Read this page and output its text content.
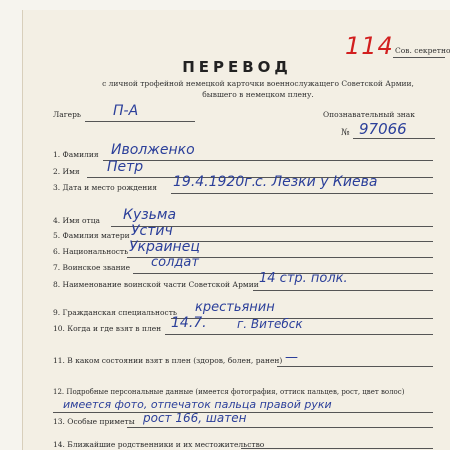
114 Сов. секретно
ПЕРЕВОД
с личной трофейной немецкой карточки военнослужащего Советской Армии, бывшего в немецком плену.
Лагерь П-А	Опознавательный знак
№ 97066
1. Фамилия Иволженко
2. Имя Петр
3. Дата и место рождения 19.4.1920г.
с. Лезки у Киева
4. Имя отца Кузьма
5. Фамилия матери Устич
6. Национальность Украинец
7. Воинское звание солдат
8. Наименование воинской части Советской Армии 14 стр. полк.
9. Гражданская специальность крестьянин
10. Когда и где взят в плен 14.7.	г. Витебск
11. В каком состоянии взят в плен (здоров, болен, ранен) —
12. Подробные персональные данные (имеется фотография, оттиск пальцев, рост, цвет волос)
имеется фото, отпечаток пальца правой руки
13. Особые приметы рост 166, шатен
14. Ближайшие родственники и их местожительство
